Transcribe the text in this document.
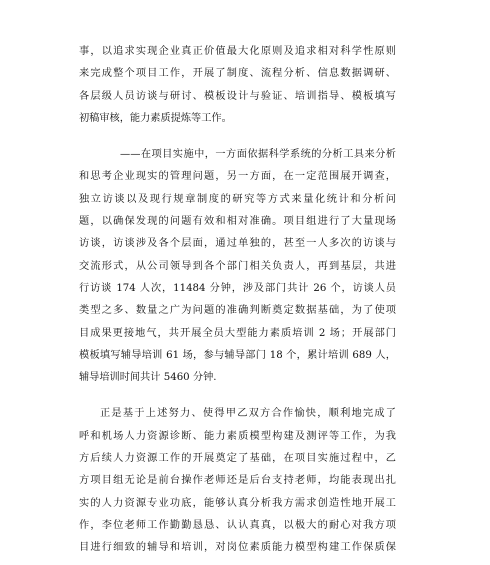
事，以追求实现企业真正价值最大化原则及追求相对科学性原则
来完成整个项目工作，开展了制度、流程分析、信息数据调研、
各层级人员访谈与研讨、模板设计与验证、培训指导、模板填写
初稿审核，能力素质提炼等工作。
——在项目实施中，一方面依据科学系统的分析工具来分析
和思考企业现实的管理问题，另一方面，在一定范围展开调查，
独立访谈以及现行规章制度的研究等方式来量化统计和分析问
题，以确保发现的问题有效和相对准确。项目组进行了大量现场
访谈，访谈涉及各个层面，通过单独的，甚至一人多次的访谈与
交流形式，从公司领导到各个部门相关负责人，再到基层，共进
行访谈 174 人次，11484 分钟，涉及部门共计 26 个，访谈人员
类型之多、数量之广为问题的准确判断奠定数据基础，为了使项
目成果更接地气，共开展全员大型能力素质培训 2 场；开展部门
模板填写辅导培训 61 场，参与辅导部门 18 个，累计培训 689 人，
辅导培训时间共计 5460 分钟.
正是基于上述努力、使得甲乙双方合作愉快，顺利地完成了
呼和机场人力资源诊断、能力素质模型构建及测评等工作，为我
方后续人力资源工作的开展奠定了基础，在项目实施过程中，乙
方项目组无论是前台操作老师还是后台支持老师，均能表现出扎
实的人力资源专业功底，能够认真分析我方需求创造性地开展工
作，李位老师工作勤勤恳恳、认认真真，以极大的耐心对我方项
目进行细致的辅导和培训，对岗位素质能力模型构建工作保质保
